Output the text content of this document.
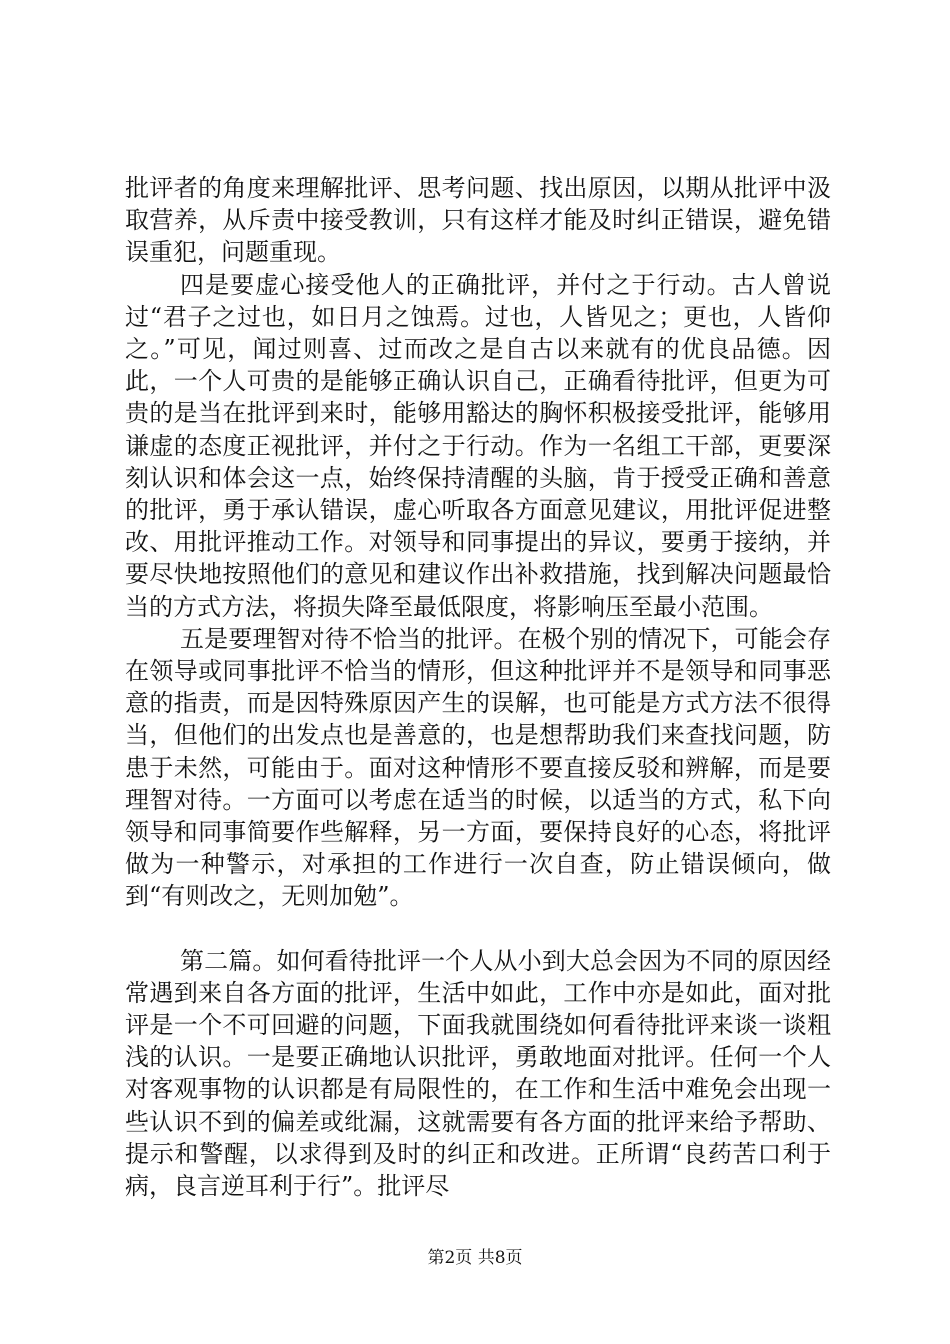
批评者的角度来理解批评、思考问题、找出原因，以期从批评中汲取营养，从斥责中接受教训，只有这样才能及时纠正错误，避免错误重犯，问题重现。

四是要虚心接受他人的正确批评，并付之于行动。古人曾说过“君子之过也，如日月之蚀焉。过也，人皆见之；更也，人皆仰之。”可见，闻过则喜、过而改之是自古以来就有的优良品德。因此，一个人可贵的是能够正确认识自己，正确看待批评，但更为可贵的是当在批评到来时，能够用豁达的胸怀积极接受批评，能够用谦虚的态度正视批评，并付之于行动。作为一名组工干部，更要深刻认识和体会这一点，始终保持清醒的头脑，肯于授受正确和善意的批评，勇于承认错误，虚心听取各方面意见建议，用批评促进整改、用批评推动工作。对领导和同事提出的异议，要勇于接纳，并要尽快地按照他们的意见和建议作出补救措施，找到解决问题最恰当的方式方法，将损失降至最低限度，将影响压至最小范围。

五是要理智对待不恰当的批评。在极个别的情况下，可能会存在领导或同事批评不恰当的情形，但这种批评并不是领导和同事恶意的指责，而是因特殊原因产生的误解，也可能是方式方法不很得当，但他们的出发点也是善意的，也是想帮助我们来查找问题，防患于未然，可能由于。面对这种情形不要直接反驳和辨解，而是要理智对待。一方面可以考虑在适当的时候，以适当的方式，私下向领导和同事简要作些解释，另一方面，要保持良好的心态，将批评做为一种警示，对承担的工作进行一次自查，防止错误倾向，做到“有则改之，无则加勉”。

第二篇。如何看待批评一个人从小到大总会因为不同的原因经常遇到来自各方面的批评，生活中如此，工作中亦是如此，面对批评是一个不可回避的问题，下面我就围绕如何看待批评来谈一谈粗浅的认识。一是要正确地认识批评，勇敢地面对批评。任何一个人对客观事物的认识都是有局限性的，在工作和生活中难免会出现一些认识不到的偏差或纰漏，这就需要有各方面的批评来给予帮助、提示和警醒，以求得到及时的纠正和改进。正所谓“良药苦口利于病，良言逆耳利于行”。批评尽

第2页 共8页
